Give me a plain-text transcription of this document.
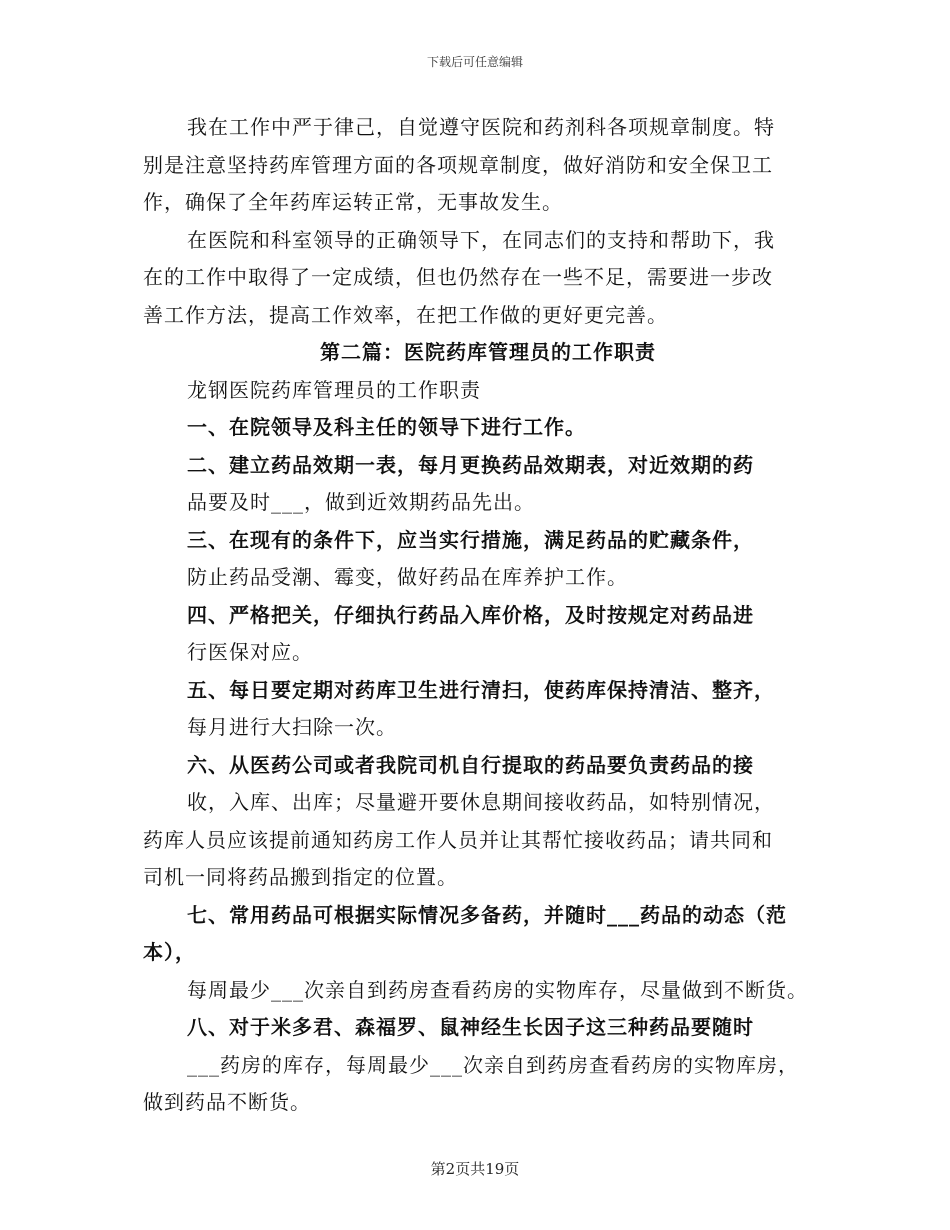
下载后可任意编辑
我在工作中严于律己，自觉遵守医院和药剂科各项规章制度。特
别是注意坚持药库管理方面的各项规章制度，做好消防和安全保卫工
作，确保了全年药库运转正常，无事故发生。
在医院和科室领导的正确领导下，在同志们的支持和帮助下，我
在的工作中取得了一定成绩，但也仍然存在一些不足，需要进一步改
善工作方法，提高工作效率，在把工作做的更好更完善。
第二篇：医院药库管理员的工作职责
龙钢医院药库管理员的工作职责
一、在院领导及科主任的领导下进行工作。
二、建立药品效期一表，每月更换药品效期表，对近效期的药
品要及时___，做到近效期药品先出。
三、在现有的条件下，应当实行措施，满足药品的贮藏条件，
防止药品受潮、霉变，做好药品在库养护工作。
四、严格把关，仔细执行药品入库价格，及时按规定对药品进
行医保对应。
五、每日要定期对药库卫生进行清扫，使药库保持清洁、整齐，
每月进行大扫除一次。
六、从医药公司或者我院司机自行提取的药品要负责药品的接
收，入库、出库；尽量避开要休息期间接收药品，如特别情况，
药库人员应该提前通知药房工作人员并让其帮忙接收药品；请共同和
司机一同将药品搬到指定的位置。
七、常用药品可根据实际情况多备药，并随时___药品的动态（范
本），
每周最少___次亲自到药房查看药房的实物库存，尽量做到不断货。
八、对于米多君、森福罗、鼠神经生长因子这三种药品要随时
___药房的库存，每周最少___次亲自到药房查看药房的实物库房，
做到药品不断货。
第2页共19页
